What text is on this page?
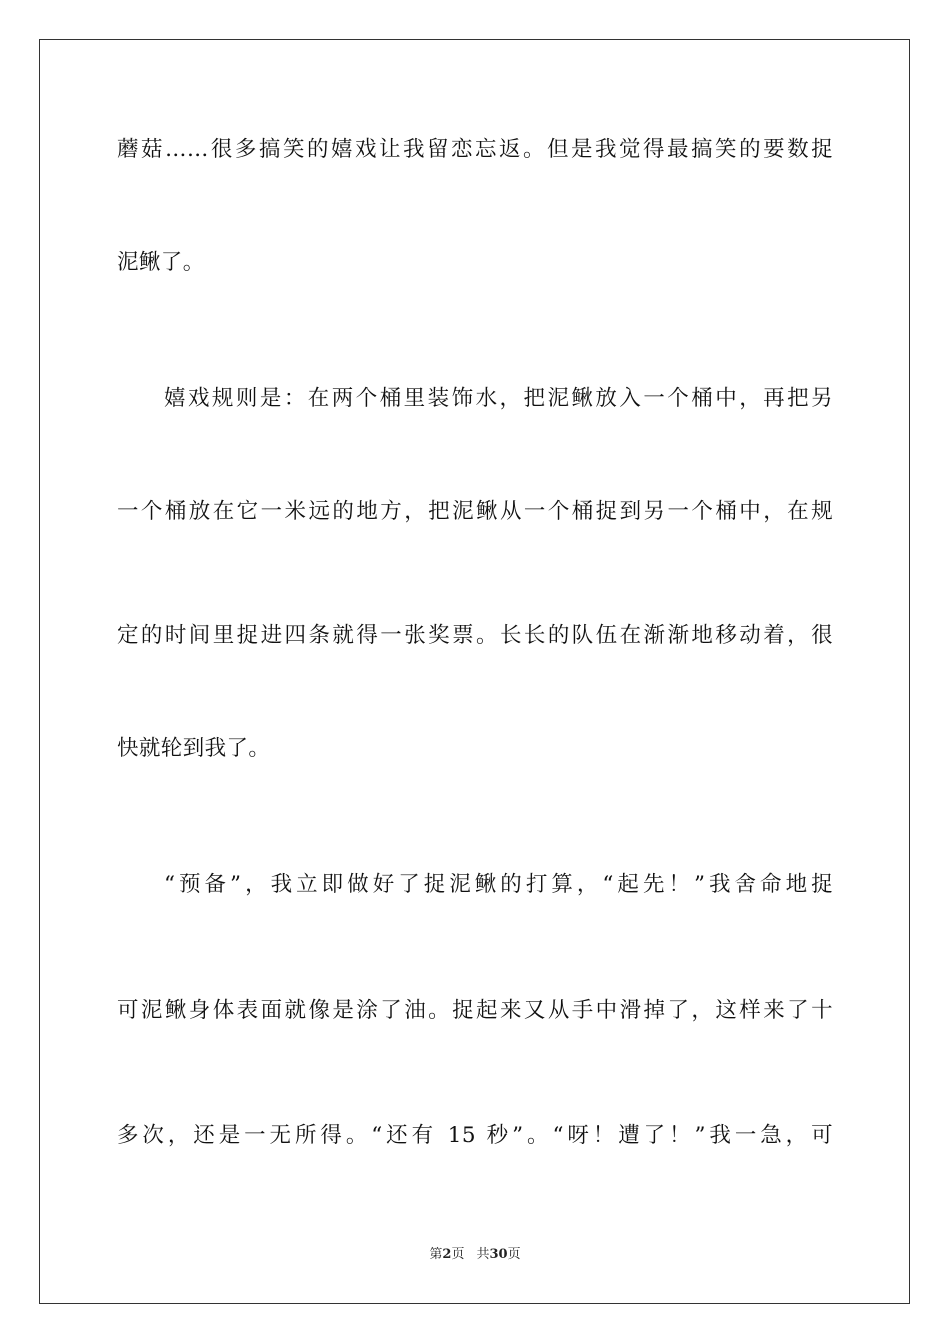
蘑菇……很多搞笑的嬉戏让我留恋忘返。但是我觉得最搞笑的要数捉
泥鳅了。
嬉戏规则是：在两个桶里装饰水，把泥鳅放入一个桶中，再把另
一个桶放在它一米远的地方，把泥鳅从一个桶捉到另一个桶中，在规
定的时间里捉进四条就得一张奖票。长长的队伍在渐渐地移动着，很
快就轮到我了。
“预备”，我立即做好了捉泥鳅的打算，“起先！”我舍命地捉
可泥鳅身体表面就像是涂了油。捉起来又从手中滑掉了，这样来了十
多次，还是一无所得。“还有 15 秒”。“呀！遭了！”我一急，可
第2页 共30页
